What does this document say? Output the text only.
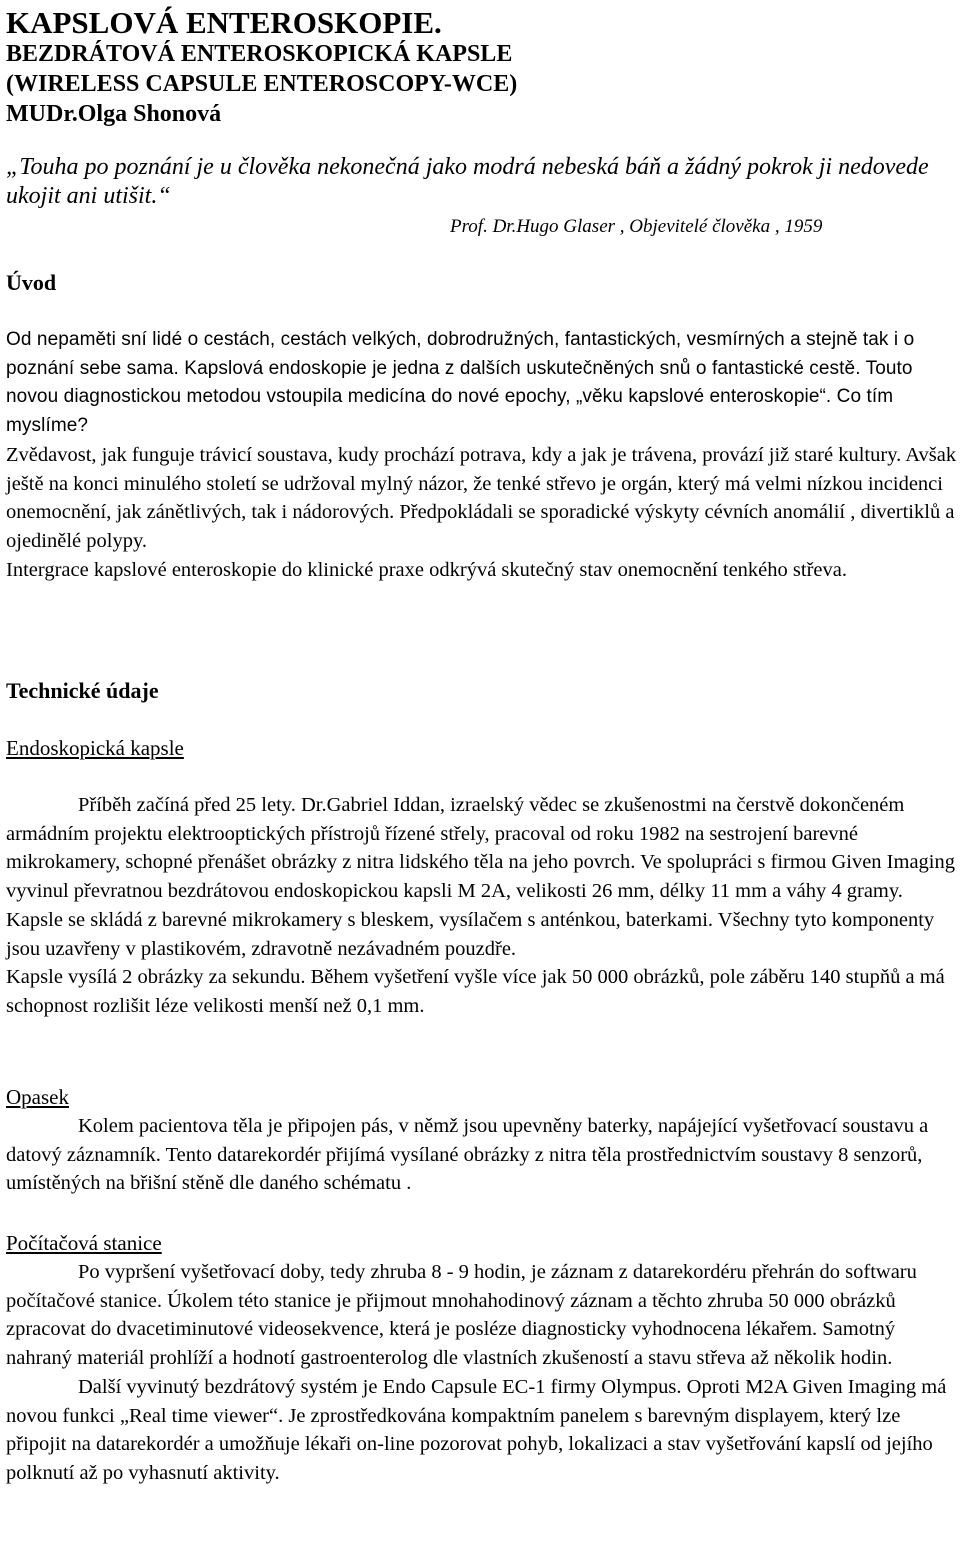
KAPSLOVÁ ENTEROSKOPIE.
BEZDRÁTOVÁ ENTEROSKOPICKÁ KAPSLE
(WIRELESS CAPSULE ENTEROSCOPY-WCE)
MUDr.Olga Shonová
„Touha po poznání je u člověka nekonečná jako modrá nebeská báň a žádný pokrok ji nedovede ukojit ani utišit.“
Prof. Dr.Hugo Glaser , Objevitelé člověka , 1959
Úvod

Od nepaměti sní lidé o cestách, cestách velkých, dobrodružných, fantastických, vesmírných a stejně tak i o poznání sebe sama. Kapslová endoskopie je jedna z dalších uskutečněných snů o fantastické cestě. Touto novou diagnostickou metodou vstoupila medicína do nové epochy, „věku kapslové enteroskopie“. Co tím myslíme?

Zvědavost, jak funguje trávicí soustava, kudy prochází potrava, kdy a jak je trávena, provází již staré kultury. Avšak ještě na konci minulého století se udržoval mylný názor, že tenké střevo je orgán, který má velmi nízkou incidenci onemocnění, jak zánětlivých, tak i nádorových. Předpokládali se sporadické výskyty cévních anomálií , divertiklů a ojedinělé polypy.

Intergrace kapslové enteroskopie do klinické praxe odkrývá skutečný stav onemocnění tenkého střeva.

Technické údaje
Endoskopická kapsle

Příběh začíná před 25 lety. Dr.Gabriel Iddan, izraelský vědec se zkušenostmi na čerstvě dokončeném armádním projektu elektrooptických přístrojů řízené střely, pracoval od roku 1982 na sestrojení barevné mikrokamery, schopné přenášet obrázky z nitra lidského těla na jeho povrch. Ve spolupráci s firmou Given Imaging vyvinul převratnou bezdrátovou endoskopickou kapsli M 2A, velikosti 26 mm, délky 11 mm a váhy 4 gramy. Kapsle se skládá z barevné mikrokamery s bleskem, vysílačem s anténkou, baterkami. Všechny tyto komponenty jsou uzavřeny v plastikovém, zdravotně nezávadném pouzdře.

Kapsle vysílá 2 obrázky za sekundu. Během vyšetření vyšle více jak 50 000 obrázků, pole záběru 140 stupňů a má schopnost rozlišit léze velikosti menší než 0,1 mm.

Opasek

Kolem pacientova těla je připojen pás, v němž jsou upevněny baterky, napájející vyšetřovací soustavu a datový záznamník. Tento datarekordér přijímá vysílané obrázky z nitra těla prostřednictvím soustavy 8 senzorů, umístěných na břišní stěně dle daného schématu .

Počítačová stanice

Po vypršení vyšetřovací doby, tedy zhruba 8 - 9 hodin, je záznam z datarekordéru přehrán do softwaru počítačové stanice. Úkolem této stanice je přijmout mnohahodinový záznam a těchto zhruba 50 000 obrázků zpracovat do dvacetiminutové videosekvence, která je posléze diagnosticky vyhodnocena lékařem. Samotný nahraný materiál prohlíží a hodnotí gastroenterolog dle vlastních zkušeností a stavu střeva až několik hodin.

Další vyvinutý bezdrátový systém je Endo Capsule EC-1 firmy Olympus. Oproti M2A Given Imaging má novou funkci „Real time viewer“. Je zprostředkována kompaktním panelem s barevným displayem, který lze připojit na datarekordér a umožňuje lékaři on-line pozorovat pohyb, lokalizaci a stav vyšetřování kapslí od jejího polknutí až po vyhasnutí aktivity.
